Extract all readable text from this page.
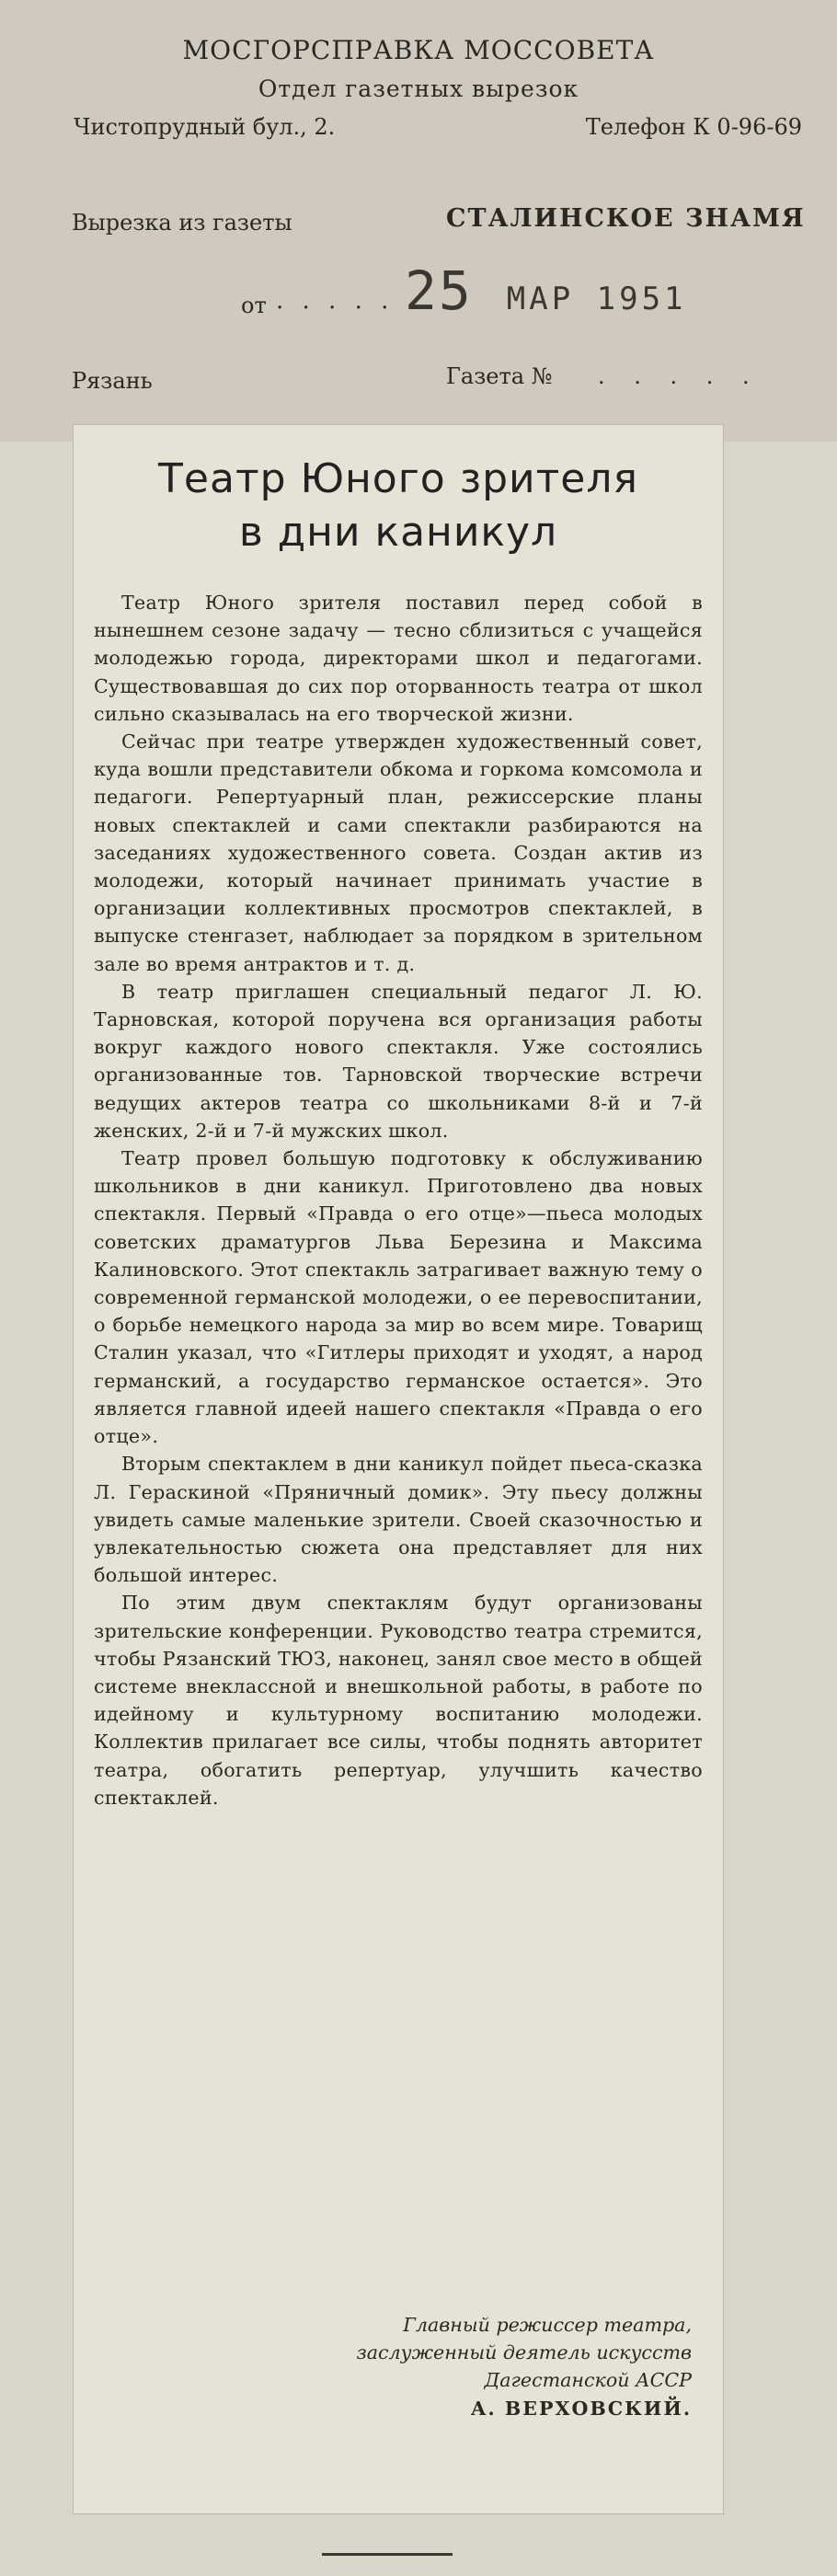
МОСГОРСПРАВКА МОССОВЕТА
Отдел газетных вырезок
Чистопрудный бул., 2.	Телефон К 0-96-69
Вырезка из газеты	СТАЛИНСКОЕ ЗНАМЯ
от . . . . . 25 МАР 1951
Рязань	Газета № . . . . .
Театр Юного зрителя
в дни каникул

Театр Юного зрителя поставил перед собой в нынешнем сезоне задачу — тесно сблизиться с учащейся молодежью города, директорами школ и педагогами. Существовавшая до сих пор оторванность театра от школ сильно сказывалась на его творческой жизни.

Сейчас при театре утвержден художественный совет, куда вошли представители обкома и горкома комсомола и педагоги. Репертуарный план, режиссерские планы новых спектаклей и сами спектакли разбираются на заседаниях художественного совета. Создан актив из молодежи, который начинает принимать участие в организации коллективных просмотров спектаклей, в выпуске стенгазет, наблюдает за порядком в зрительном зале во время антрактов и т. д.

В театр приглашен специальный педагог Л. Ю. Тарновская, которой поручена вся организация работы вокруг каждого нового спектакля. Уже состоялись организованные тов. Тарновской творческие встречи ведущих актеров театра со школьниками 8-й и 7-й женских, 2-й и 7-й мужских школ.

Театр провел большую подготовку к обслуживанию школьников в дни каникул. Приготовлено два новых спектакля. Первый «Правда о его отце»—пьеса молодых советских драматургов Льва Березина и Максима Калиновского. Этот спектакль затрагивает важную тему о современной германской молодежи, о ее перевоспитании, о борьбе немецкого народа за мир во всем мире. Товарищ Сталин указал, что «Гитлеры приходят и уходят, а народ германский, а государство германское остается». Это является главной идеей нашего спектакля «Правда о его отце».

Вторым спектаклем в дни каникул пойдет пьеса-сказка Л. Гераскиной «Пряничный домик». Эту пьесу должны увидеть самые маленькие зрители. Своей сказочностью и увлекательностью сюжета она представляет для них большой интерес.

По этим двум спектаклям будут организованы зрительские конференции. Руководство театра стремится, чтобы Рязанский ТЮЗ, наконец, занял свое место в общей системе внеклассной и внешкольной работы, в работе по идейному и культурному воспитанию молодежи. Коллектив прилагает все силы, чтобы поднять авторитет театра, обогатить репертуар, улучшить качество спектаклей.

Главный режиссер театра,
заслуженный деятель искусств
Дагестанской АССР
А. ВЕРХОВСКИЙ.
